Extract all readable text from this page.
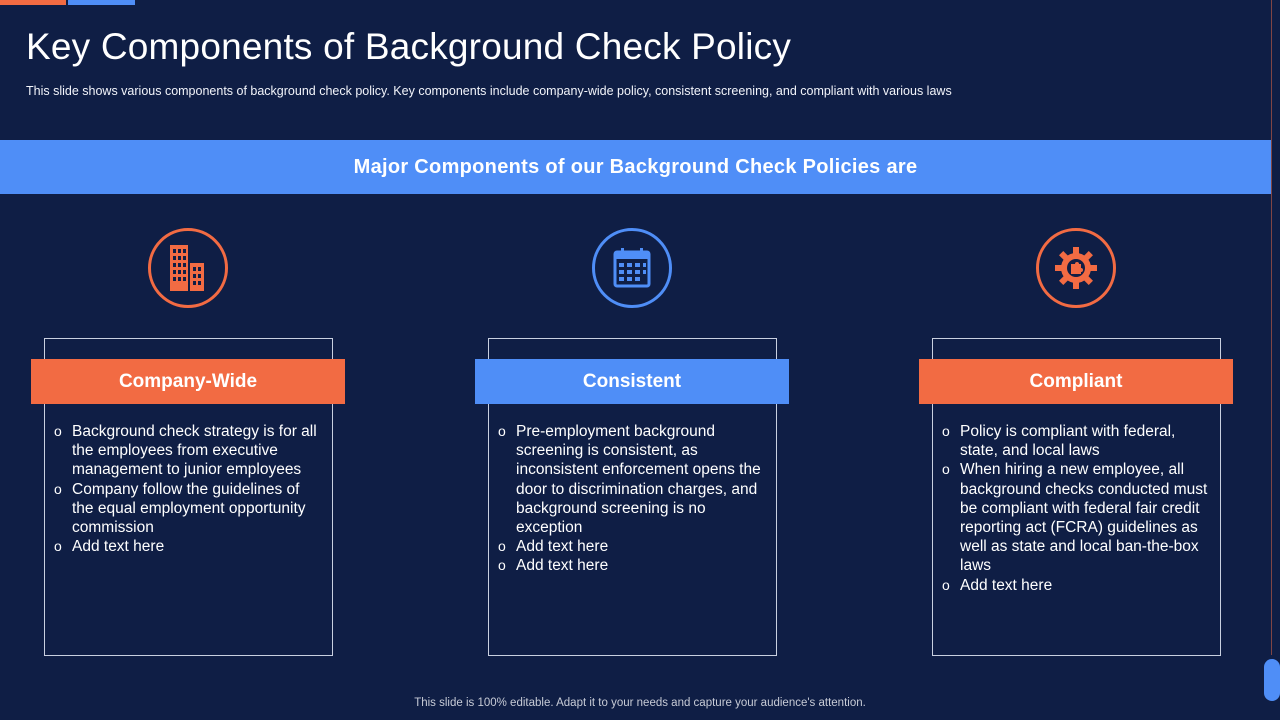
Key Components of Background Check Policy

This slide shows various components of background check policy. Key components include company-wide policy, consistent screening, and compliant with various laws

Major Components of our Background Check Policies are
Company-Wide
o Background check strategy is for all the employees from executive management to junior employees
o Company follow the guidelines of the equal employment opportunity commission
o Add text here
Consistent
o Pre-employment background screening is consistent, as inconsistent enforcement opens the door to discrimination charges, and background screening is no exception
o Add text here
o Add text here
Compliant
o Policy is compliant with federal, state, and local laws
o When hiring a new employee, all background checks conducted must be compliant with federal fair credit reporting act (FCRA) guidelines as well as state and local ban-the-box laws
o Add text here
This slide is 100% editable. Adapt it to your needs and capture your audience's attention.
